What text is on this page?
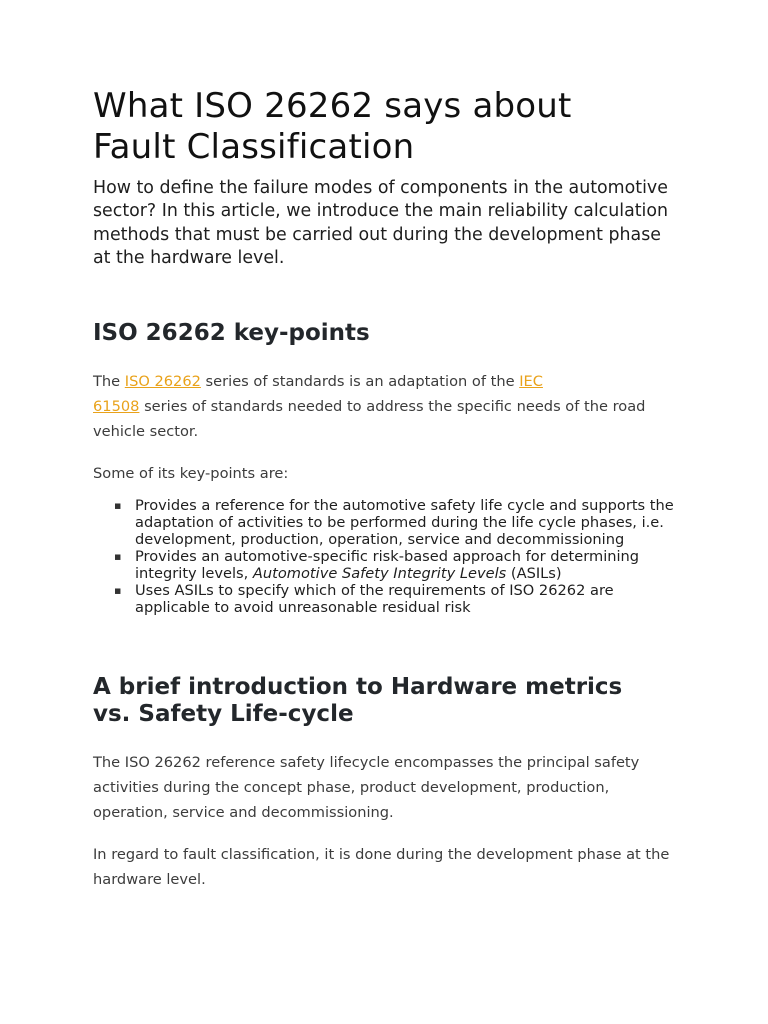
What ISO 26262 says about
Fault Classification

How to define the failure modes of components in the automotive sector? In this article, we introduce the main reliability calculation methods that must be carried out during the development phase at the hardware level.

ISO 26262 key-points

The ISO 26262 series of standards is an adaptation of the IEC
61508 series of standards needed to address the specific needs of the road vehicle sector.

Some of its key-points are:

▪ Provides a reference for the automotive safety life cycle and supports the adaptation of activities to be performed during the life cycle phases, i.e. development, production, operation, service and decommissioning
▪ Provides an automotive-specific risk-based approach for determining integrity levels, Automotive Safety Integrity Levels (ASILs)
▪ Uses ASILs to specify which of the requirements of ISO 26262 are applicable to avoid unreasonable residual risk
A brief introduction to Hardware metrics
vs. Safety Life-cycle

The ISO 26262 reference safety lifecycle encompasses the principal safety activities during the concept phase, product development, production, operation, service and decommissioning.

In regard to fault classification, it is done during the development phase at the hardware level.
